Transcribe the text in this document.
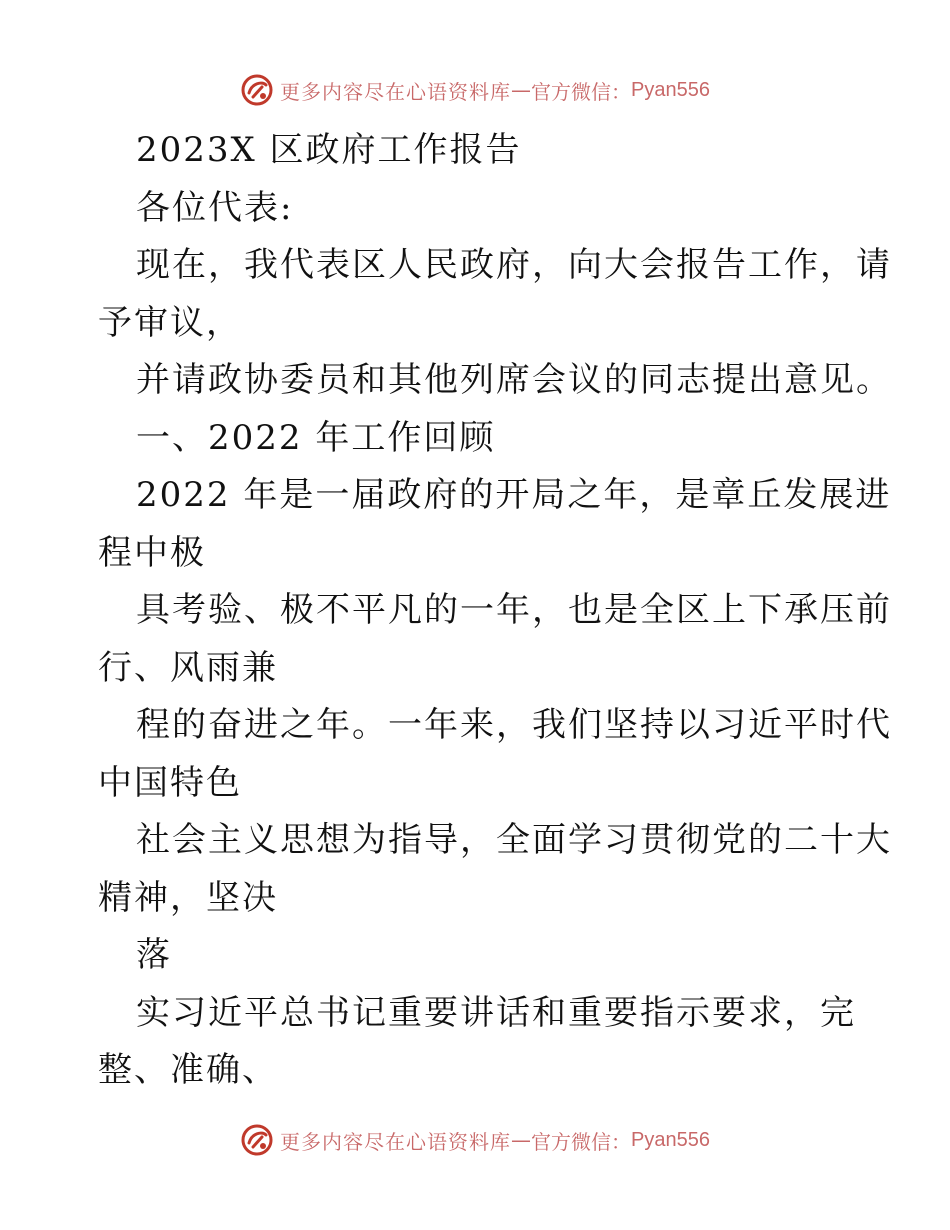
更多内容尽在心语资料库 — 官方微信： Pyan556
2023X 区政府工作报告
各位代表:
现在，我代表区人民政府，向大会报告工作，请
予审议，
并请政协委员和其他列席会议的同志提出意见。
一、2022 年工作回顾
2022 年是一届政府的开局之年，是章丘发展进
程中极
具考验、极不平凡的一年，也是全区上下承压前
行、风雨兼
程的奋进之年。一年来，我们坚持以习近平时代
中国特色
社会主义思想为指导，全面学习贯彻党的二十大
精神，坚决
落
实习近平总书记重要讲话和重要指示要求，完
整、准确、
更多内容尽在心语资料库 — 官方微信： Pyan556
